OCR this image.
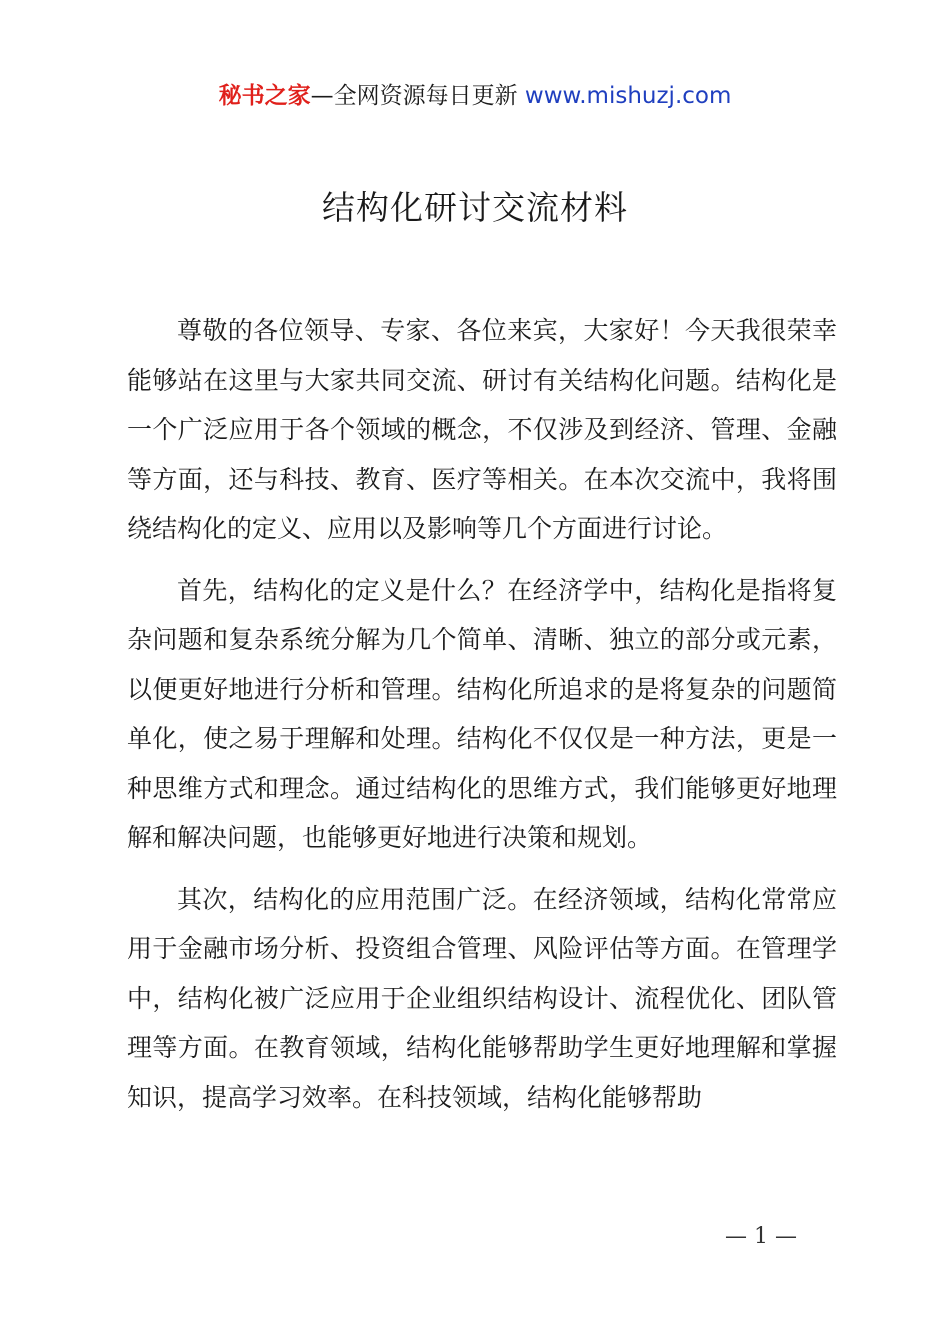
秘书之家—全网资源每日更新 www.mishuzj.com
结构化研讨交流材料

尊敬的各位领导、专家、各位来宾，大家好！今天我很荣幸能够站在这里与大家共同交流、研讨有关结构化问题。结构化是一个广泛应用于各个领域的概念，不仅涉及到经济、管理、金融等方面，还与科技、教育、医疗等相关。在本次交流中，我将围绕结构化的定义、应用以及影响等几个方面进行讨论。

首先，结构化的定义是什么？在经济学中，结构化是指将复杂问题和复杂系统分解为几个简单、清晰、独立的部分或元素，以便更好地进行分析和管理。结构化所追求的是将复杂的问题简单化，使之易于理解和处理。结构化不仅仅是一种方法，更是一种思维方式和理念。通过结构化的思维方式，我们能够更好地理解和解决问题，也能够更好地进行决策和规划。

其次，结构化的应用范围广泛。在经济领域，结构化常常应用于金融市场分析、投资组合管理、风险评估等方面。在管理学中，结构化被广泛应用于企业组织结构设计、流程优化、团队管理等方面。在教育领域，结构化能够帮助学生更好地理解和掌握知识，提高学习效率。在科技领域，结构化能够帮助

— 1 —
